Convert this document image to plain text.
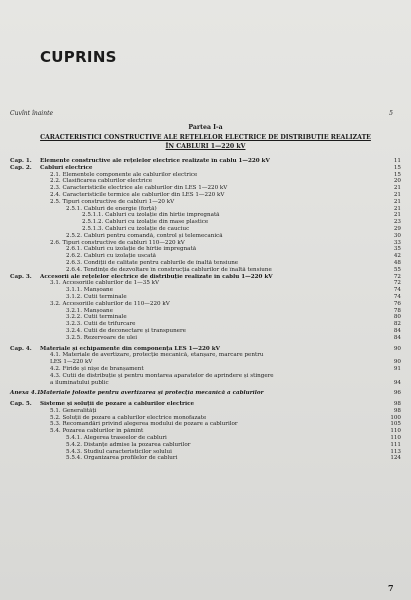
CUPRINS
Cuvînt înainte	5
Partea I-a
CARACTERISTICI CONSTRUCTIVE ALE REȚELELOR ELECTRICE DE DISTRIBUȚIE REALIZATE ÎN CABLURI 1—220 kV
Cap. 1.	Elemente constructive ale rețelelor electrice realizate în cablu 1—220 kV	11
Cap. 2.	Cabluri electrice	15
2.1. Elementele componente ale cablurilor electrice	15
2.2. Clasificarea cablurilor electrice	20
2.3. Caracteristicile electrice ale cablurilor din LES 1—220 kV	21
2.4. Caracteristicile termice ale cablurilor din LES 1—220 kV	21
2.5. Tipuri constructive de cabluri 1—20 kV	21
2.5.1. Cabluri de energie (forță)	21
2.5.1.1. Cabluri cu izolație din hîrtie impregnată	21
2.5.1.2. Cabluri cu izolație din mase plastice	23
2.5.1.3. Cabluri cu izolație de cauciuc	29
2.5.2. Cabluri pentru comandă, control și telemecanică	30
2.6. Tipuri constructive de cabluri 110—220 kV	33
2.6.1. Cabluri cu izolație de hîrtie impregnată	35
2.6.2. Cabluri cu izolație uscată	42
2.6.3. Condiții de calitate pentru cablurile de înaltă tensiune	48
2.6.4. Tendințe de dezvoltare în construcția cablurilor de înaltă tensiune	55
Cap. 3.	Accesorii ale rețelelor electrice de distribuție realizate în cablu 1—220 kV	72
3.1. Accesoriile cablurilor de 1—35 kV	72
3.1.1. Manșoane	74
3.1.2. Cutii terminale	74
3.2. Accesoriile cablurilor de 110—220 kV	76
3.2.1. Manșoane	78
3.2.2. Cutii terminale	80
3.2.3. Cutii de trifurcare	82
3.2.4. Cutii de deconectare și transpunere	84
3.2.5. Rezervoare de ulei	84
Cap. 4.	Materiale și echipamente din componența LES 1—220 kV	90
4.1. Materiale de avertizare, protecție mecanică, etanșare, marcare pentru
LES 1—220 kV	90
4.2. Firide și nișe de branșament	91
4.3. Cutii de distribuție și pentru montarea aparatelor de aprindere și stingere
a iluminatului public	94
Anexa 4.1.
Materiale folosite pentru avertizarea și protecția mecanică a cablurilor	96
Cap. 5.	Sisteme și soluții de pozare a cablurilor electrice	98
5.1. Generalități	98
5.2. Soluții de pozare a cablurilor electrice monofazate	100
5.3. Recomandări privind alegerea modului de pozare a cablurilor	105
5.4. Pozarea cablurilor în pămînt	110
5.4.1. Alegerea traseelor de cabluri	110
5.4.2. Distanțe admise la pozarea cablurilor	111
5.4.3. Studiul caracteristicilor solului	113
5.5.4. Organizarea profilelor de cabluri	124
7
